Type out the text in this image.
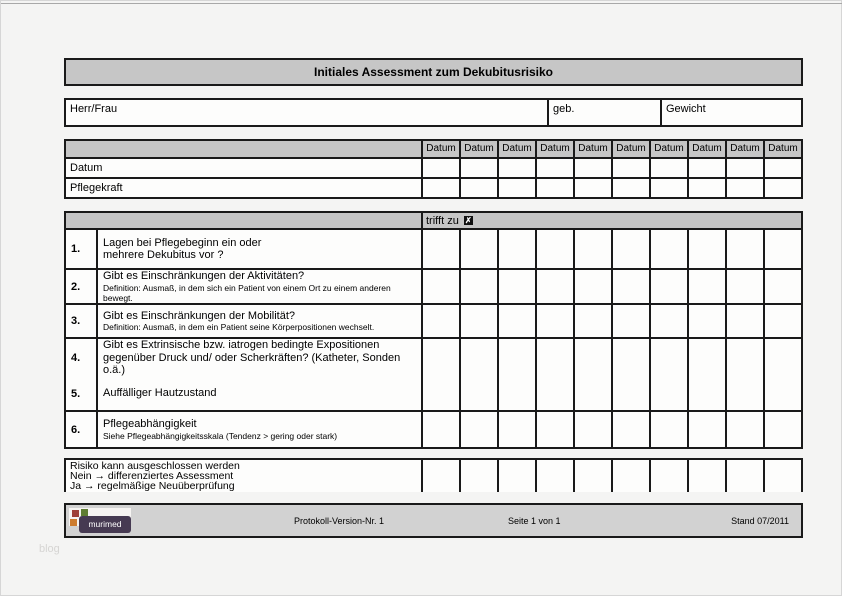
Initiales Assessment zum Dekubitusrisiko
Herr/Frau	geb.	Gewicht
Datum Datum Datum Datum Datum Datum Datum Datum Datum Datum
Datum
Pflegekraft
trifft zu ✗
1.
Lagen bei Pflegebeginn ein oder mehrere Dekubitus vor ?
2.
Gibt es Einschränkungen der Aktivitäten?
Definition: Ausmaß, in dem sich ein Patient von einem Ort zu einem anderen bewegt.
3.	Gibt es Einschränkungen der Mobilität?
Definition: Ausmaß, in dem ein Patient seine Körperpositionen wechselt.
4.
Gibt es Extrinsische bzw. iatrogen bedingte Expositionen gegenüber Druck und/ oder Scherkräften? (Katheter, Sonden o.ä.)
5.	Auffälliger Hautzustand
6.	Pflegeabhängigkeit
Siehe Pflegeabhängigkeitsskala (Tendenz > gering oder stark)
Risiko kann ausgeschlossen werden
Nein → differenziertes Assessment
Ja → regelmäßige Neuüberprüfung
murimed	Protokoll-Version-Nr. 1	Seite 1 von 1	Stand 07/2011
blog
